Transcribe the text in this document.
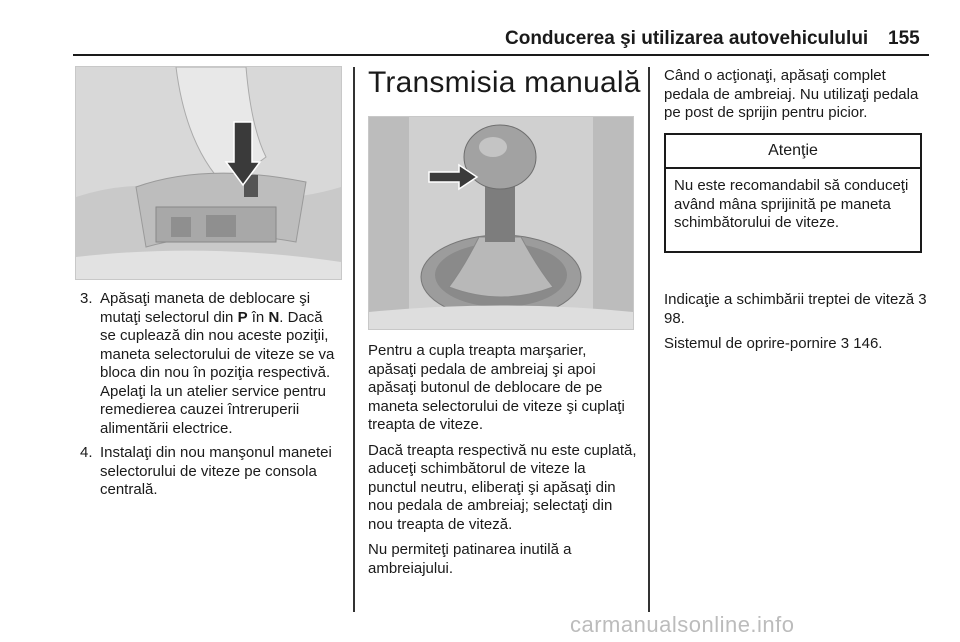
Conducerea şi utilizarea autovehiculului 155
3. Apăsaţi maneta de deblocare şi mutaţi selectorul din P în N. Dacă se cuplează din nou aceste poziţii, maneta selectorului de viteze se va bloca din nou în poziţia respectivă. Apelaţi la un atelier service pentru remedierea cauzei întreruperii alimentării electrice.
4. Instalaţi din nou manşonul manetei selectorului de viteze pe consola centrală.
Transmisia manuală

Pentru a cupla treapta marşarier, apăsaţi pedala de ambreiaj şi apoi apăsaţi butonul de deblocare de pe maneta selectorului de viteze şi cuplaţi treapta de viteze.

Dacă treapta respectivă nu este cuplată, aduceţi schimbătorul de viteze la punctul neutru, eliberaţi şi apăsaţi din nou pedala de ambreiaj; selectaţi din nou treapta de viteză.

Nu permiteţi patinarea inutilă a ambreiajului.

Când o acţionaţi, apăsaţi complet pedala de ambreiaj. Nu utilizaţi pedala pe post de sprijin pentru picior.

Atenţie
Nu este recomandabil să conduceţi având mâna sprijinită pe maneta schimbătorului de viteze.

Indicaţie a schimbării treptei de viteză 3 98.

Sistemul de oprire-pornire 3 146.

carmanualsonline.info
